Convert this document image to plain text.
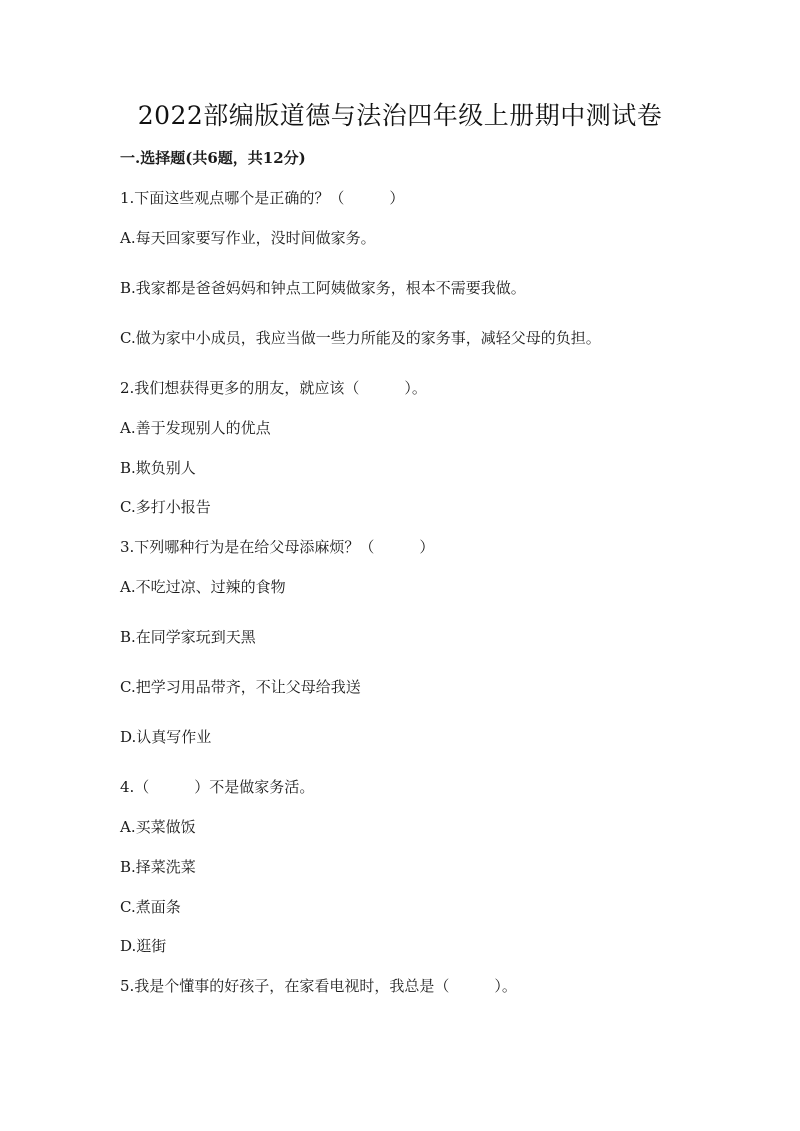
2022部编版道德与法治四年级上册期中测试卷
一.选择题(共6题，共12分)
1.下面这些观点哪个是正确的？（　　　）
A.每天回家要写作业，没时间做家务。
B.我家都是爸爸妈妈和钟点工阿姨做家务，根本不需要我做。
C.做为家中小成员，我应当做一些力所能及的家务事，减轻父母的负担。
2.我们想获得更多的朋友，就应该（　　　）。
A.善于发现别人的优点
B.欺负别人
C.多打小报告
3.下列哪种行为是在给父母添麻烦？（　　　）
A.不吃过凉、过辣的食物
B.在同学家玩到天黑
C.把学习用品带齐，不让父母给我送
D.认真写作业
4.（　　　）不是做家务活。
A.买菜做饭
B.择菜洗菜
C.煮面条
D.逛街
5.我是个懂事的好孩子，在家看电视时，我总是（　　　）。
